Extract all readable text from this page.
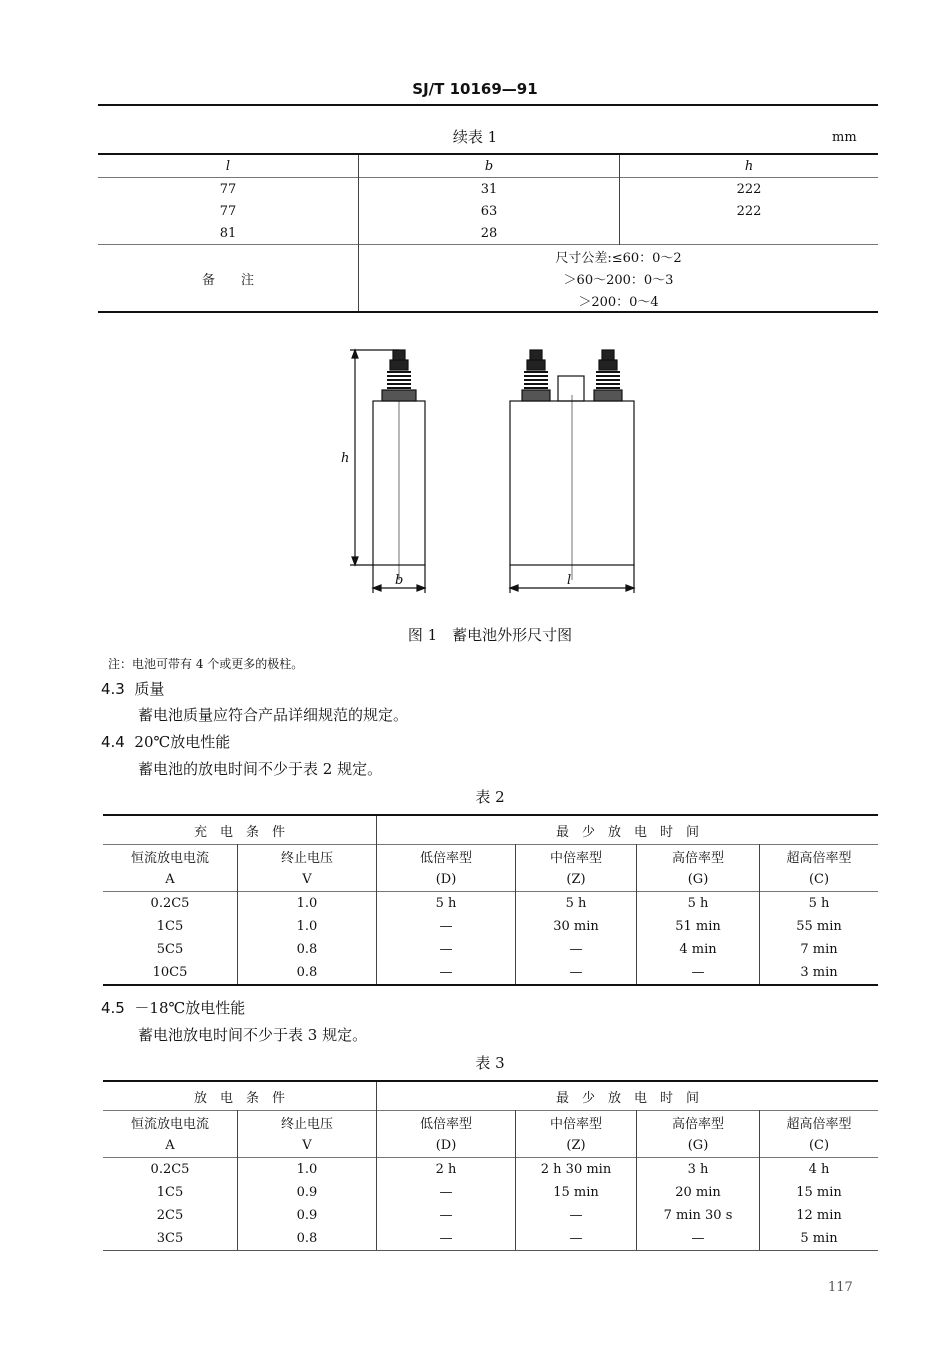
SJ/T 10169—91
续表 1	mm
l	b	h
77	31	222
77	63	222
81	28	
备　　注	尺寸公差:≤60：0～2	
	＞60～200：0～3	
	＞200：0～4	
h
b	l
图 1　蓄电池外形尺寸图
注：电池可带有 4 个或更多的极柱。
4.3 质量
蓄电池质量应符合产品详细规范的规定。
4.4 20℃放电性能
蓄电池的放电时间不少于表 2 规定。
表 2
充　电　条　件		最　少　放　电　时　间			
恒流放电电流	终止电压	低倍率型	中倍率型	高倍率型	超高倍率型
A	V	(D)	(Z)	(G)	(C)
0.2C5	1.0	5 h	5 h	5 h	5 h
1C5	1.0	—	30 min	51 min	55 min
5C5	0.8	—	—	4 min	7 min
10C5	0.8	—	—	—	3 min
4.5 －18℃放电性能
蓄电池放电时间不少于表 3 规定。
表 3
放　电　条　件		最　少　放　电　时　间			
恒流放电电流	终止电压	低倍率型	中倍率型	高倍率型	超高倍率型
A	V	(D)	(Z)	(G)	(C)
0.2C5	1.0	2 h	2 h 30 min	3 h	4 h
1C5	0.9	—	15 min	20 min	15 min
2C5	0.9	—	—	7 min 30 s	12 min
3C5	0.8	—	—	—	5 min
117
